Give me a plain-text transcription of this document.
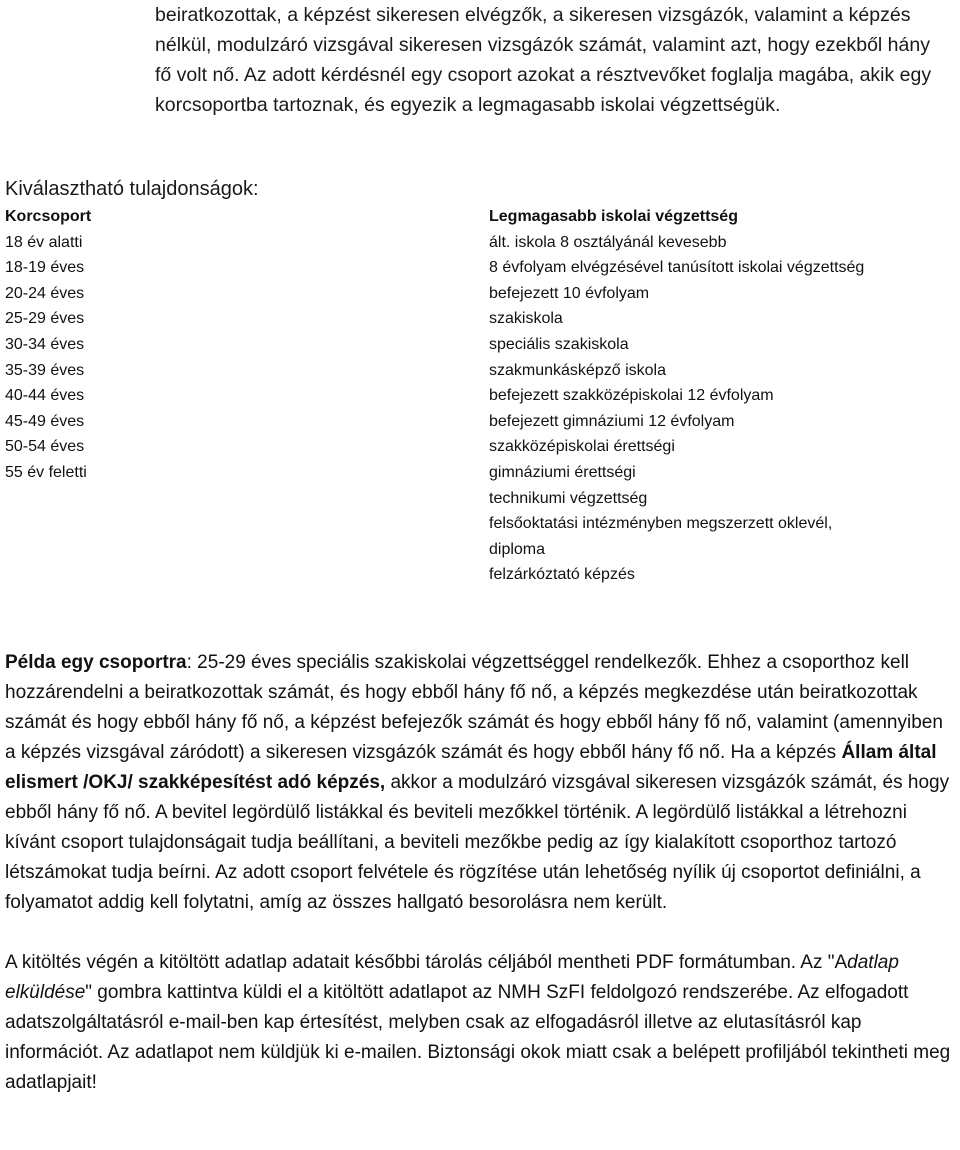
beiratkozottak, a képzést sikeresen elvégzők, a sikeresen vizsgázók, valamint a képzés nélkül, modulzáró vizsgával sikeresen vizsgázók számát, valamint azt, hogy ezekből hány fő volt nő. Az adott kérdésnél egy csoport azokat a résztvevőket foglalja magába, akik egy korcsoportba tartoznak, és egyezik a legmagasabb iskolai végzettségük.

Kiválasztható tulajdonságok:
Korcsoport
18 év alatti
18-19 éves
20-24 éves
25-29 éves
30-34 éves
35-39 éves
40-44 éves
45-49 éves
50-54 éves
55 év feletti
Legmagasabb iskolai végzettség
ált. iskola 8 osztályánál kevesebb
8 évfolyam elvégzésével tanúsított iskolai végzettség
befejezett 10 évfolyam
szakiskola
speciális szakiskola
szakmunkásképző iskola
befejezett szakközépiskolai 12 évfolyam
befejezett gimnáziumi 12 évfolyam
szakközépiskolai érettségi
gimnáziumi érettségi
technikumi végzettség
felsőoktatási intézményben megszerzett oklevél,
diploma
felzárkóztató képzés

Példa egy csoportra: 25-29 éves speciális szakiskolai végzettséggel rendelkezők. Ehhez a csoporthoz kell hozzárendelni a beiratkozottak számát, és hogy ebből hány fő nő, a képzés megkezdése után beiratkozottak számát és hogy ebből hány fő nő, a képzést befejezők számát és hogy ebből hány fő nő, valamint (amennyiben a képzés vizsgával záródott) a sikeresen vizsgázók számát és hogy ebből hány fő nő. Ha a képzés Állam által elismert /OKJ/ szakképesítést adó képzés, akkor a modulzáró vizsgával sikeresen vizsgázók számát, és hogy ebből hány fő nő. A bevitel legördülő listákkal és beviteli mezőkkel történik. A legördülő listákkal a létrehozni kívánt csoport tulajdonságait tudja beállítani, a beviteli mezőkbe pedig az így kialakított csoporthoz tartozó létszámokat tudja beírni. Az adott csoport felvétele és rögzítése után lehetőség nyílik új csoportot definiálni, a folyamatot addig kell folytatni, amíg az összes hallgató besorolásra nem került.

A kitöltés végén a kitöltött adatlap adatait későbbi tárolás céljából mentheti PDF formátumban. Az "Adatlap elküldése" gombra kattintva küldi el a kitöltött adatlapot az NMH SzFI feldolgozó rendszerébe. Az elfogadott adatszolgáltatásról e-mail-ben kap értesítést, melyben csak az elfogadásról illetve az elutasításról kap információt. Az adatlapot nem küldjük ki e-mailen. Biztonsági okok miatt csak a belépett profiljából tekintheti meg adatlapjait!
